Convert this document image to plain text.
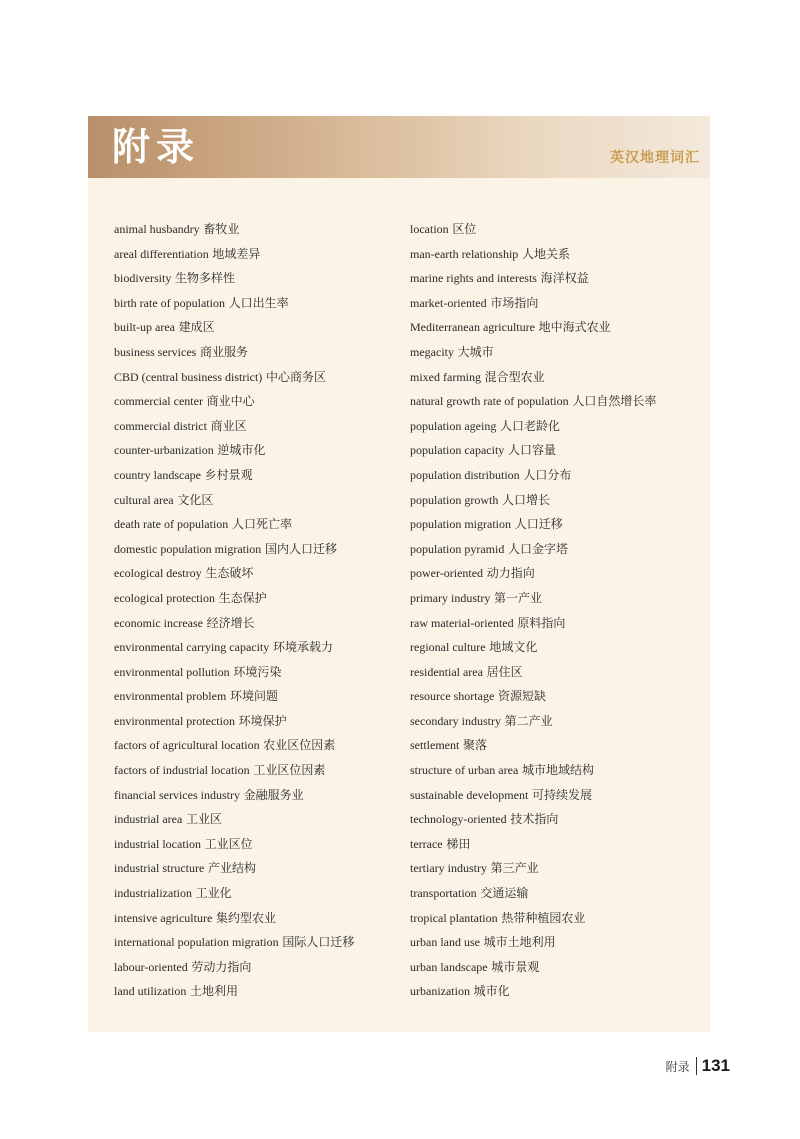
附录 · · · · · · · · · · · ·	英汉地理词汇
animal husbandry 畜牧业
areal differentiation 地域差异
biodiversity 生物多样性
birth rate of population 人口出生率
built-up area 建成区
business services 商业服务
CBD (central business district) 中心商务区
commercial center 商业中心
commercial district 商业区
counter-urbanization 逆城市化
country landscape 乡村景观
cultural area 文化区
death rate of population 人口死亡率
domestic population migration 国内人口迁移
ecological destroy 生态破坏
ecological protection 生态保护
economic increase 经济增长
environmental carrying capacity 环境承载力
environmental pollution 环境污染
environmental problem 环境问题
environmental protection 环境保护
factors of agricultural location 农业区位因素
factors of industrial location 工业区位因素
financial services industry 金融服务业
industrial area 工业区
industrial location 工业区位
industrial structure 产业结构
industrialization 工业化
intensive agriculture 集约型农业
international population migration 国际人口迁移
labour-oriented 劳动力指向
land utilization 土地利用
location 区位
man-earth relationship 人地关系
marine rights and interests 海洋权益
market-oriented 市场指向
Mediterranean agriculture 地中海式农业
megacity 大城市
mixed farming 混合型农业
natural growth rate of population 人口自然增长率
population ageing 人口老龄化
population capacity 人口容量
population distribution 人口分布
population growth 人口增长
population migration 人口迁移
population pyramid 人口金字塔
power-oriented 动力指向
primary industry 第一产业
raw material-oriented 原料指向
regional culture 地域文化
residential area 居住区
resource shortage 资源短缺
secondary industry 第二产业
settlement 聚落
structure of urban area 城市地域结构
sustainable development 可持续发展
technology-oriented 技术指向
terrace 梯田
tertiary industry 第三产业
transportation 交通运输
tropical plantation 热带种植园农业
urban land use 城市土地利用
urban landscape 城市景观
urbanization 城市化
附录 131
